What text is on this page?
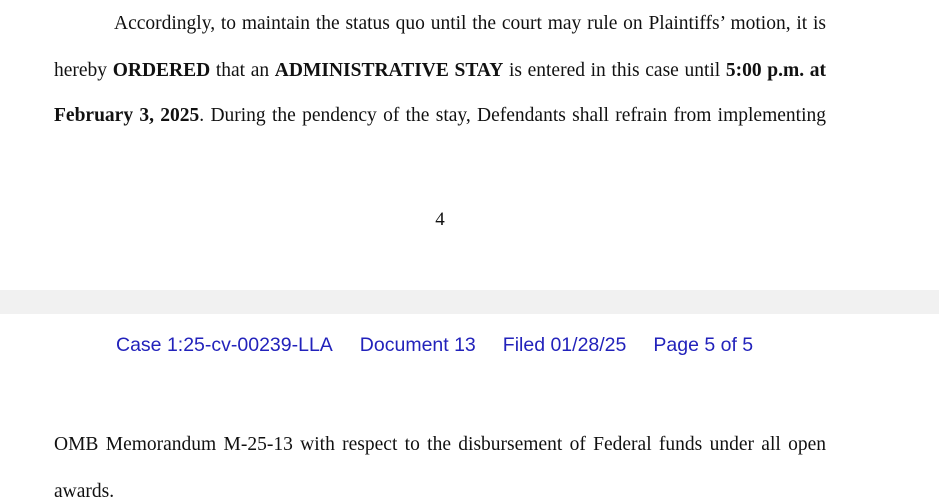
Accordingly, to maintain the status quo until the court may rule on Plaintiffs’ motion, it is
hereby ORDERED that an ADMINISTRATIVE STAY is entered in this case until 5:00 p.m. at
February 3, 2025. During the pendency of the stay, Defendants shall refrain from implementing
4
Case 1:25-cv-00239-LLA Document 13 Filed 01/28/25 Page 5 of 5
OMB Memorandum M-25-13 with respect to the disbursement of Federal funds under all open
awards.
